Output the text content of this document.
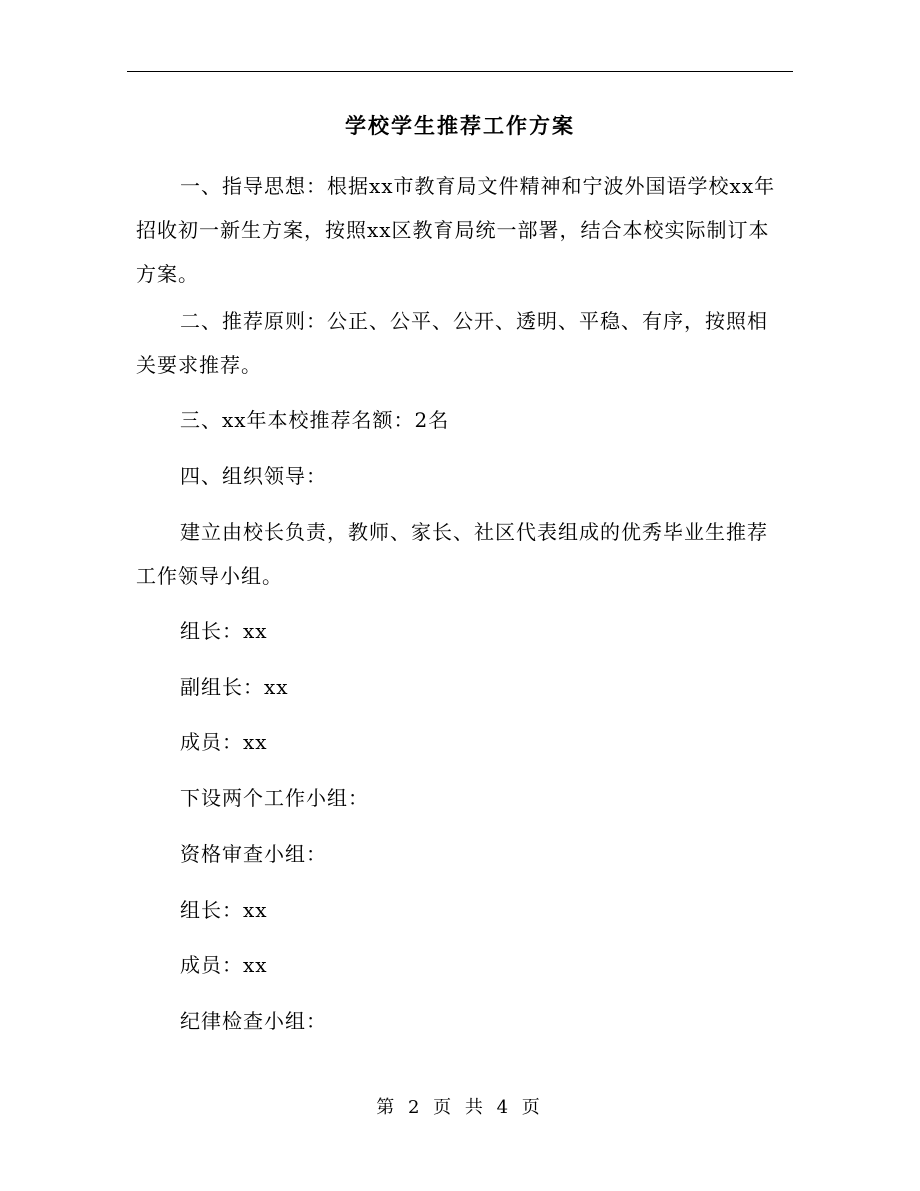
学校学生推荐工作方案

一、指导思想：根据xx市教育局文件精神和宁波外国语学校xx年招收初一新生方案，按照xx区教育局统一部署，结合本校实际制订本方案。

二、推荐原则：公正、公平、公开、透明、平稳、有序，按照相关要求推荐。

三、xx年本校推荐名额：2名

四、组织领导：

建立由校长负责，教师、家长、社区代表组成的优秀毕业生推荐工作领导小组。

组长：xx

副组长：xx

成员：xx

下设两个工作小组：

资格审查小组：

组长：xx

成员：xx

纪律检查小组：

第 2 页 共 4 页
